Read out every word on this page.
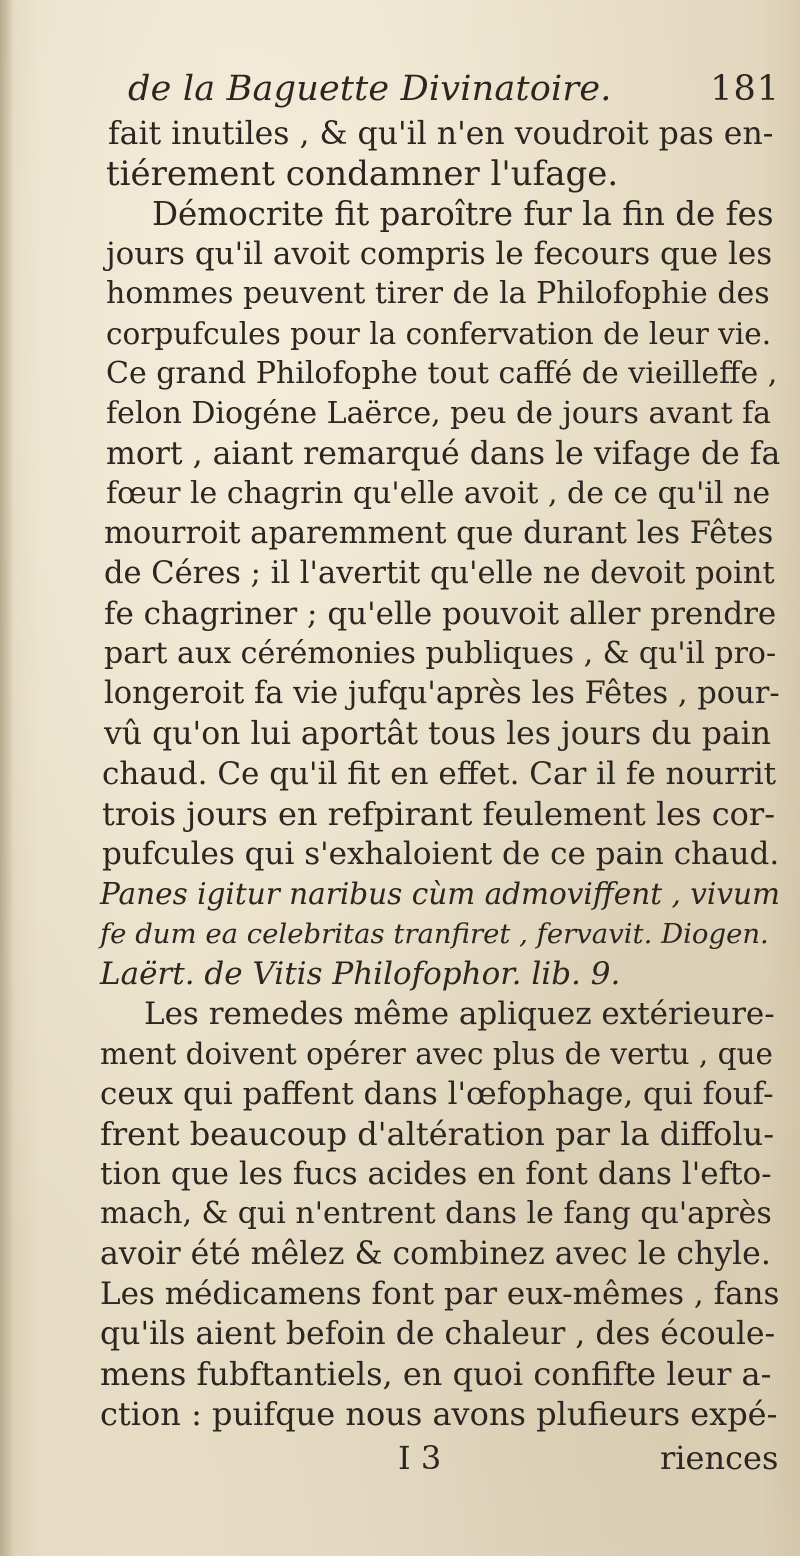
de la Baguette Divinatoire.	181
fait inutiles , & qu'il n'en voudroit pas en-
tiérement condamner l'ufage.
Démocrite fit paroître fur la fin de fes
jours qu'il avoit compris le fecours que les
hommes peuvent tirer de la Philofophie des
corpufcules pour la confervation de leur vie.
Ce grand Philofophe tout caffé de vieilleffe ,
felon Diogéne Laërce, peu de jours avant fa
mort , aiant remarqué dans le vifage de fa
fœur le chagrin qu'elle avoit , de ce qu'il ne
mourroit aparemment que durant les Fêtes
de Céres ; il l'avertit qu'elle ne devoit point
fe chagriner ; qu'elle pouvoit aller prendre
part aux cérémonies publiques , & qu'il pro-
longeroit fa vie jufqu'après les Fêtes , pour-
vû qu'on lui aportât tous les jours du pain
chaud. Ce qu'il fit en effet. Car il fe nourrit
trois jours en refpirant feulement les cor-
pufcules qui s'exhaloient de ce pain chaud.
Panes igitur naribus cùm admoviffent , vivum
fe dum ea celebritas tranfiret , fervavit. Diogen.
Laërt. de Vitis Philofophor. lib. 9.
Les remedes même apliquez extérieure-
ment doivent opérer avec plus de vertu , que
ceux qui paffent dans l'œfophage, qui fouf-
frent beaucoup d'altération par la diffolu-
tion que les fucs acides en font dans l'efto-
mach, & qui n'entrent dans le fang qu'après
avoir été mêlez & combinez avec le chyle.
Les médicamens font par eux-mêmes , fans
qu'ils aient befoin de chaleur , des écoule-
mens fubftantiels, en quoi confifte leur a-
ction : puifque nous avons plufieurs expé-
I 3	riences
